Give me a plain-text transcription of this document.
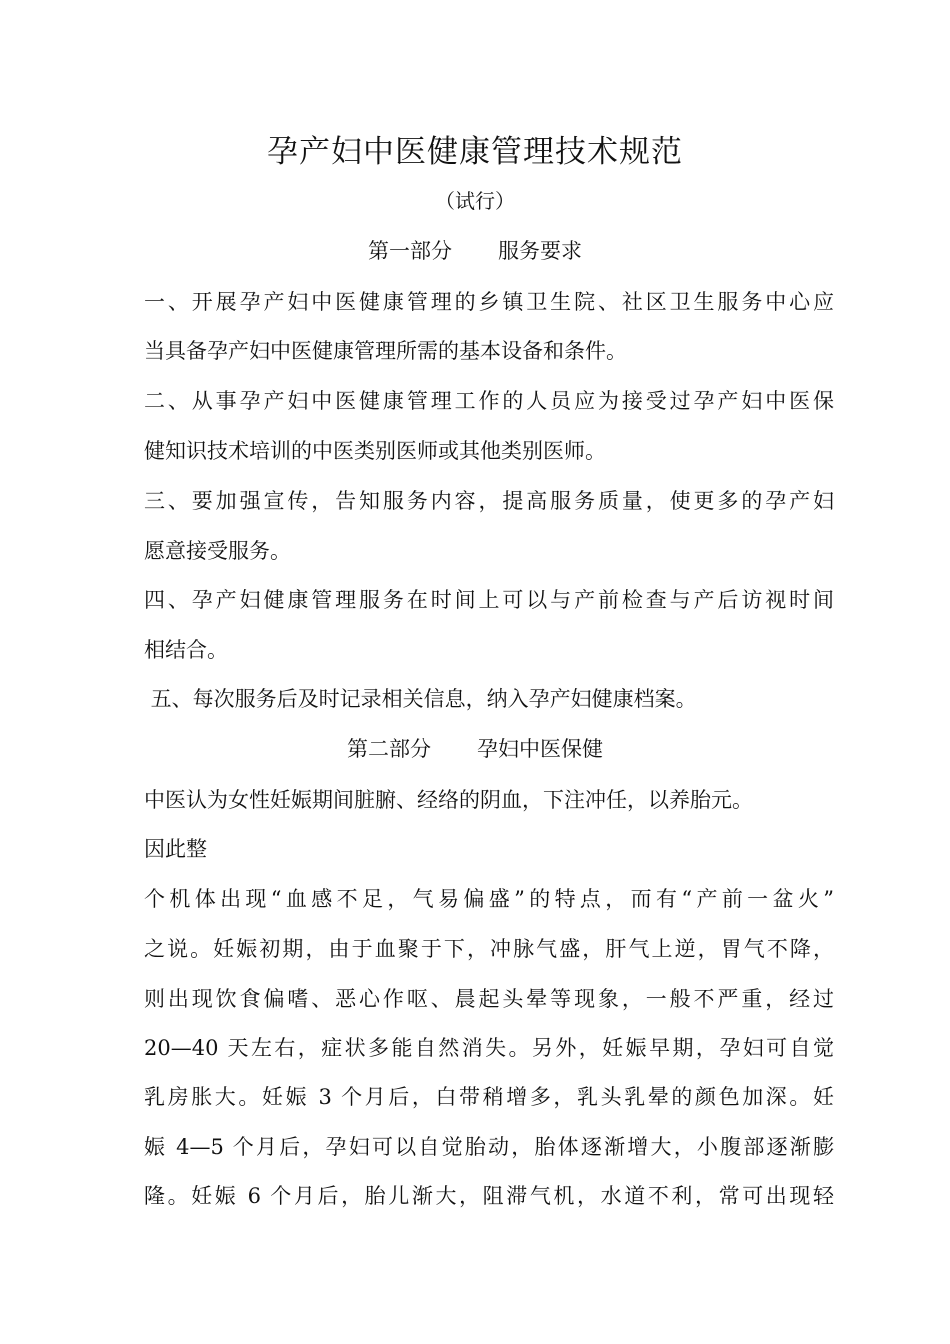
孕产妇中医健康管理技术规范
（试行）
第一部分 服务要求
一、开展孕产妇中医健康管理的乡镇卫生院、社区卫生服务中心应
当具备孕产妇中医健康管理所需的基本设备和条件。
二、从事孕产妇中医健康管理工作的人员应为接受过孕产妇中医保
健知识技术培训的中医类别医师或其他类别医师。
三、要加强宣传，告知服务内容，提高服务质量，使更多的孕产妇
愿意接受服务。
四、孕产妇健康管理服务在时间上可以与产前检查与产后访视时间
相结合。
五、每次服务后及时记录相关信息，纳入孕产妇健康档案。
第二部分 孕妇中医保健
中医认为女性妊娠期间脏腑、经络的阴血，下注冲任，以养胎元。
因此整
个机体出现“血感不足，气易偏盛”的特点，而有“产前一盆火”
之说。妊娠初期，由于血聚于下，冲脉气盛，肝气上逆，胃气不降，
则出现饮食偏嗜、恶心作呕、晨起头晕等现象，一般不严重，经过
20—40 天左右，症状多能自然消失。另外，妊娠早期，孕妇可自觉
乳房胀大。妊娠 3 个月后，白带稍增多，乳头乳晕的颜色加深。妊
娠 4—5 个月后，孕妇可以自觉胎动，胎体逐渐增大，小腹部逐渐膨
隆。妊娠 6 个月后，胎儿渐大，阻滞气机，水道不利，常可出现轻
